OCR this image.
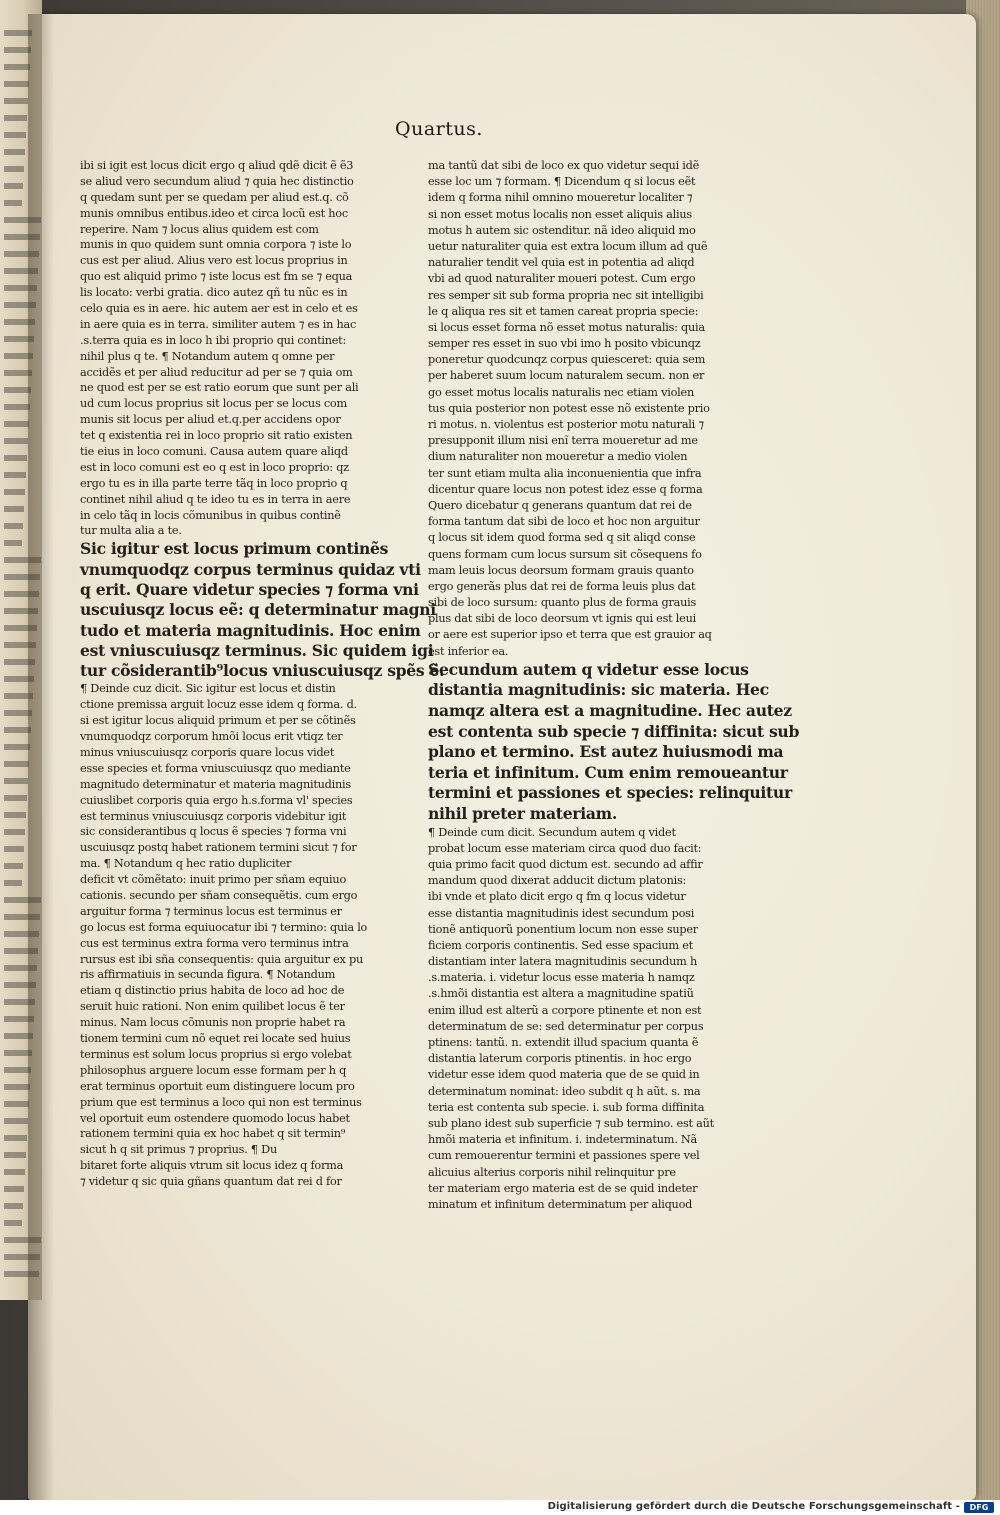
Quartus.
ibi si igit est locus dicit ergo q aliud qdẽ dicit ẽ ẽ3
se aliud vero secundum aliud ⁊ quia hec distinctio
q quedam sunt per se quedam per aliud est.q. cõ
munis omnibus entibus.ideo et circa locũ est hoc
reperire. Nam ⁊ locus alius quidem est com
munis in quo quidem sunt omnia corpora ⁊ iste lo
cus est per aliud. Alius vero est locus proprius in
quo est aliquid primo ⁊ iste locus est fm se ⁊ equa
lis locato: verbi gratia. dico autez qñ tu nũc es in
celo quia es in aere. hic autem aer est in celo et es
in aere quia es in terra. similiter autem ⁊ es in hac
.s.terra quia es in loco h ibi proprio qui continet:
nihil plus q te. ¶ Notandum autem q omne per
accidẽs et per aliud reducitur ad per se ⁊ quia om
ne quod est per se est ratio eorum que sunt per ali
ud cum locus proprius sit locus per se locus com
munis sit locus per aliud et.q.per accidens opor
tet q existentia rei in loco proprio sit ratio existen
tie eius in loco comuni. Causa autem quare aliqd
est in loco comuni est eo q est in loco proprio: qz
ergo tu es in illa parte terre tãq in loco proprio q
continet nihil aliud q te ideo tu es in terra in aere
in celo tãq in locis cõmunibus in quibus continẽ
tur multa alia a te.
Sic igitur est locus primum continẽs
vnumquodqz corpus terminus quidaz vti
q erit. Quare videtur species ⁊ forma vni
uscuiusqz locus eẽ: q determinatur magni
tudo et materia magnitudinis. Hoc enim
est vniuscuiusqz terminus. Sic quidem igi
tur cõsiderantib⁹locus vniuscuiusqz spẽs ẽ.
¶ Deinde cuz dicit. Sic igitur est locus et distin
ctione premissa arguit locuz esse idem q forma. d.
si est igitur locus aliquid primum et per se cõtinẽs
vnumquodqz corporum hmõi locus erit vtiqz ter
minus vniuscuiusqz corporis quare locus videt
esse species et forma vniuscuiusqz quo mediante
magnitudo determinatur et materia magnitudinis
cuiuslibet corporis quia ergo h.s.forma vl' species
est terminus vniuscuiusqz corporis videbitur igit
sic considerantibus q locus ẽ species ⁊ forma vni
uscuiusqz postq habet rationem termini sicut ⁊ for
ma. ¶ Notandum q hec ratio dupliciter
deficit vt cõmẽtato: inuit primo per sñam equiuo
cationis. secundo per sñam consequẽtis. cum ergo
arguitur forma ⁊ terminus locus est terminus er
go locus est forma equiuocatur ibi ⁊ termino: quia lo
cus est terminus extra forma vero terminus intra
rursus est ibi sña consequentis: quia arguitur ex pu
ris affirmatiuis in secunda figura. ¶ Notandum
etiam q distinctio prius habita de loco ad hoc de
seruit huic rationi. Non enim quilibet locus ẽ ter
minus. Nam locus cõmunis non proprie habet ra
tionem termini cum nõ equet rei locate sed huius
terminus est solum locus proprius si ergo volebat
philosophus arguere locum esse formam per h q
erat terminus oportuit eum distinguere locum pro
prium que est terminus a loco qui non est terminus
vel oportuit eum ostendere quomodo locus habet
rationem termini quia ex hoc habet q sit termin⁹
sicut h q sit primus ⁊ proprius. ¶ Du
bitaret forte aliquis vtrum sit locus idez q forma
⁊ videtur q sic quia gñans quantum dat rei d for
ma tantũ dat sibi de loco ex quo videtur sequi idẽ
esse loc um ⁊ formam. ¶ Dicendum q si locus eẽt
idem q forma nihil omnino moueretur localiter ⁊
si non esset motus localis non esset aliquis alius
motus h autem sic ostenditur. nã ideo aliquid mo
uetur naturaliter quia est extra locum illum ad quẽ
naturalier tendit vel quia est in potentia ad aliqd
vbi ad quod naturaliter moueri potest. Cum ergo
res semper sit sub forma propria nec sit intelligibi
le q aliqua res sit et tamen careat propria specie:
si locus esset forma nõ esset motus naturalis: quia
semper res esset in suo vbi imo h posito vbicunqz
poneretur quodcunqz corpus quiesceret: quia sem
per haberet suum locum naturalem secum. non er
go esset motus localis naturalis nec etiam violen
tus quia posterior non potest esse nõ existente prio
ri motus. n. violentus est posterior motu naturali ⁊
presupponit illum nisi enĩ terra moueretur ad me
dium naturaliter non moueretur a medio violen
ter sunt etiam multa alia inconuenientia que infra
dicentur quare locus non potest idez esse q forma
Quero dicebatur q generans quantum dat rei de
forma tantum dat sibi de loco et hoc non arguitur
q locus sit idem quod forma sed q sit aliqd conse
quens formam cum locus sursum sit cõsequens fo
mam leuis locus deorsum formam grauis quanto
ergo generãs plus dat rei de forma leuis plus dat
sibi de loco sursum: quanto plus de forma grauis
plus dat sibi de loco deorsum vt ignis qui est leui
or aere est superior ipso et terra que est grauior aq
est inferior ea.
Secundum autem q videtur esse locus
distantia magnitudinis: sic materia. Hec
namqz altera est a magnitudine. Hec autez
est contenta sub specie ⁊ diffinita: sicut sub
plano et termino. Est autez huiusmodi ma
teria et infinitum. Cum enim remoueantur
termini et passiones et species: relinquitur
nihil preter materiam.
¶ Deinde cum dicit. Secundum autem q videt
probat locum esse materiam circa quod duo facit:
quia primo facit quod dictum est. secundo ad affir
mandum quod dixerat adducit dictum platonis:
ibi vnde et plato dicit ergo q fm q locus videtur
esse distantia magnitudinis idest secundum posi
tionẽ antiquorũ ponentium locum non esse super
ficiem corporis continentis. Sed esse spacium et
distantiam inter latera magnitudinis secundum h
.s.materia. i. videtur locus esse materia h namqz
.s.hmõi distantia est altera a magnitudine spatiũ
enim illud est alterũ a corpore ptinente et non est
determinatum de se: sed determinatur per corpus
ptinens: tantũ. n. extendit illud spacium quanta ẽ
distantia laterum corporis ptinentis. in hoc ergo
videtur esse idem quod materia que de se quid in
determinatum nominat: ideo subdit q h aũt. s. ma
teria est contenta sub specie. i. sub forma diffinita
sub plano idest sub superficie ⁊ sub termino. est aũt
hmõi materia et infinitum. i. indeterminatum. Nã
cum remouerentur termini et passiones spere vel
alicuius alterius corporis nihil relinquitur pre
ter materiam ergo materia est de se quid indeter
minatum et infinitum determinatum per aliquod
Digitalisierung gefördert durch die Deutsche Forschungsgemeinschaft -	DFG
